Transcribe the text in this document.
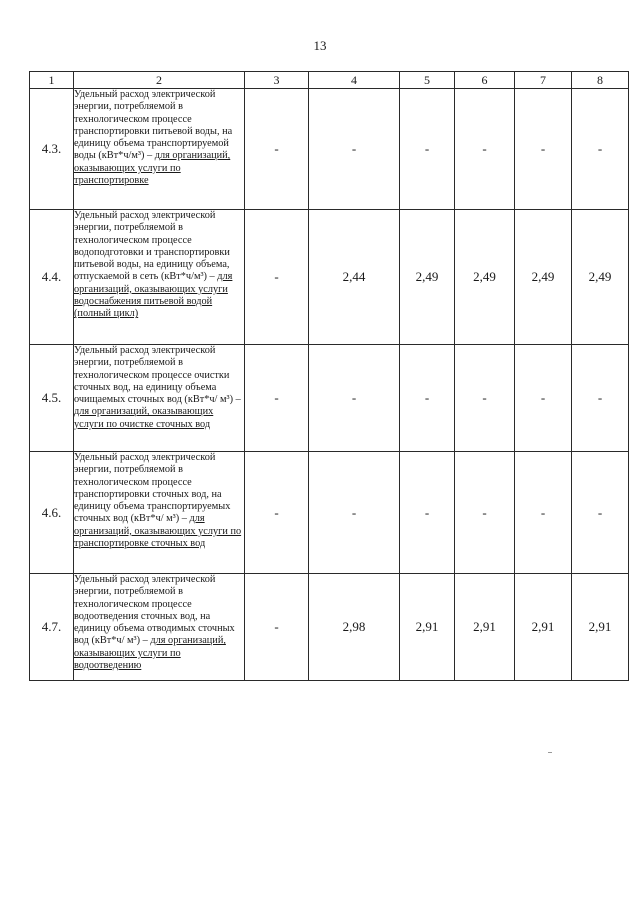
13
1	2	3	4	5	6	7	8
4.3.	Удельный расход электрической энергии, потребляемой в технологическом процессе транспортировки питьевой воды, на единицу объема транспортируемой воды (кВт*ч/м³) – для организаций, оказывающих услуги по транспортировке	-	-	-	-	-	-
4.4.	Удельный расход электрической энергии, потребляемой в технологическом процессе водоподготовки и транспортировки питьевой воды, на единицу объема, отпускаемой в сеть (кВт*ч/м³) – для организаций, оказывающих услуги водоснабжения питьевой водой (полный цикл)	-	2,44	2,49	2,49	2,49	2,49
4.5.	Удельный расход электрической энергии, потребляемой в технологическом процессе очистки сточных вод, на единицу объема очищаемых сточных вод (кВт*ч/ м³) – для организаций, оказывающих услуги по очистке сточных вод	-	-	-	-	-	-
4.6.	Удельный расход электрической энергии, потребляемой в технологическом процессе транспортировки сточных вод, на единицу объема транспортируемых сточных вод (кВт*ч/ м³) – для организаций, оказывающих услуги по транспортировке сточных вод	-	-	-	-	-	-
4.7.	Удельный расход электрической энергии, потребляемой в технологическом процессе водоотведения сточных вод, на единицу объема отводимых сточных вод (кВт*ч/ м³) – для организаций, оказывающих услуги по водоотведению	-	2,98	2,91	2,91	2,91	2,91
